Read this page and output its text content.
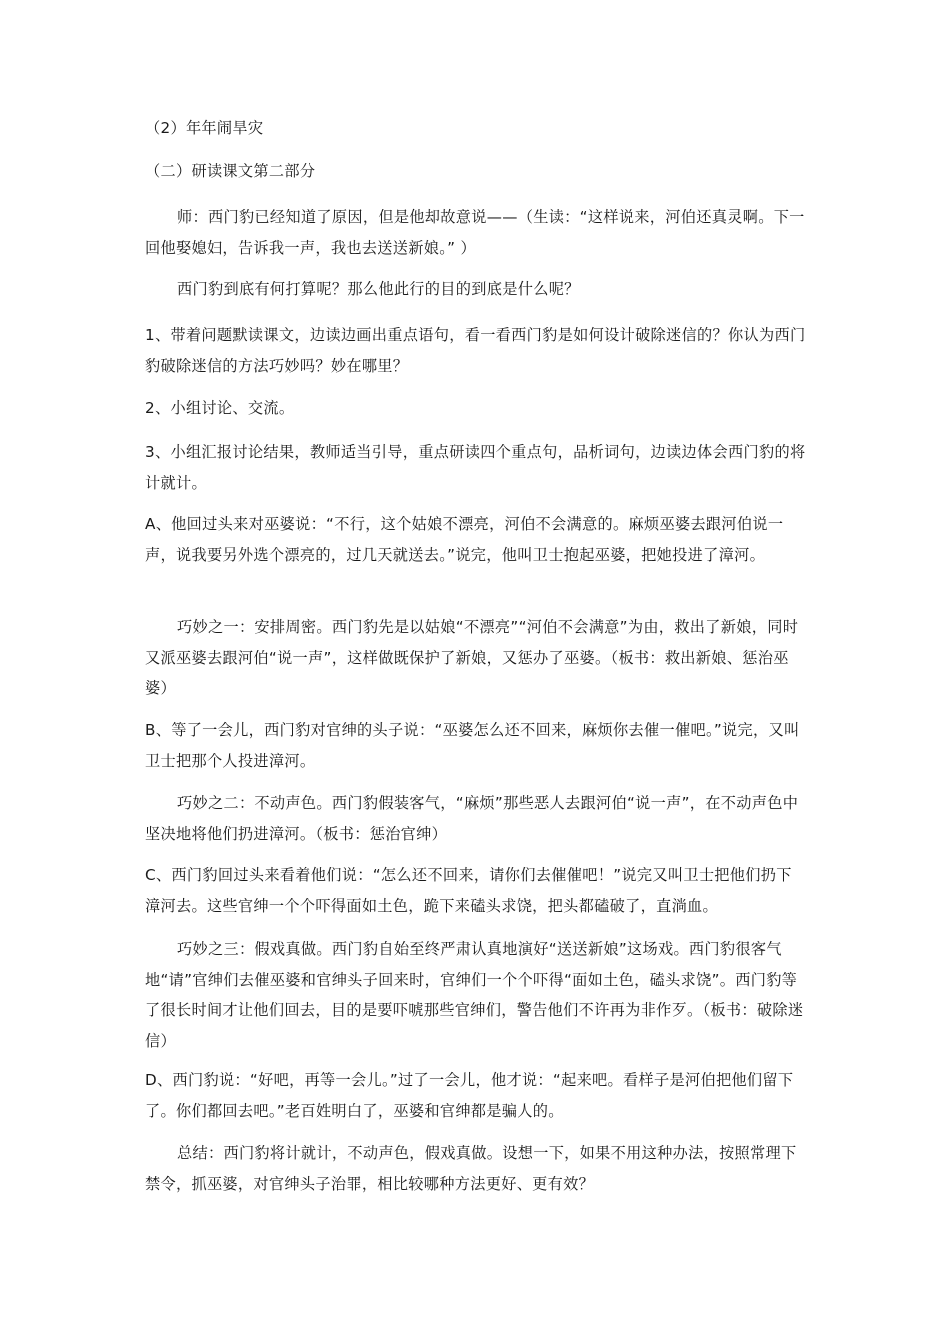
（2）年年闹旱灾

（二）研读课文第二部分

师：西门豹已经知道了原因，但是他却故意说——（生读：“这样说来，河伯还真灵啊。下一回他娶媳妇，告诉我一声，我也去送送新娘。” ）

西门豹到底有何打算呢？那么他此行的目的到底是什么呢？

1、带着问题默读课文，边读边画出重点语句，看一看西门豹是如何设计破除迷信的？你认为西门豹破除迷信的方法巧妙吗？妙在哪里？

2、小组讨论、交流。

3、小组汇报讨论结果，教师适当引导，重点研读四个重点句，品析词句，边读边体会西门豹的将计就计。

A、他回过头来对巫婆说：“不行，这个姑娘不漂亮，河伯不会满意的。麻烦巫婆去跟河伯说一声，说我要另外选个漂亮的，过几天就送去。”说完，他叫卫士抱起巫婆，把她投进了漳河。

巧妙之一：安排周密。西门豹先是以姑娘“不漂亮”“河伯不会满意”为由，救出了新娘，同时又派巫婆去跟河伯“说一声”，这样做既保护了新娘，又惩办了巫婆。（板书：救出新娘、惩治巫婆）

B、等了一会儿，西门豹对官绅的头子说：“巫婆怎么还不回来，麻烦你去催一催吧。”说完，又叫卫士把那个人投进漳河。

巧妙之二：不动声色。西门豹假装客气，“麻烦”那些恶人去跟河伯“说一声”，在不动声色中坚决地将他们扔进漳河。（板书：惩治官绅）

C、西门豹回过头来看着他们说：“怎么还不回来，请你们去催催吧！”说完又叫卫士把他们扔下漳河去。这些官绅一个个吓得面如土色，跪下来磕头求饶，把头都磕破了，直淌血。

巧妙之三：假戏真做。西门豹自始至终严肃认真地演好“送送新娘”这场戏。西门豹很客气地“请”官绅们去催巫婆和官绅头子回来时，官绅们一个个吓得“面如土色，磕头求饶”。西门豹等了很长时间才让他们回去，目的是要吓唬那些官绅们，警告他们不许再为非作歹。（板书：破除迷信）

D、西门豹说：“好吧，再等一会儿。”过了一会儿，他才说：“起来吧。看样子是河伯把他们留下了。你们都回去吧。”老百姓明白了，巫婆和官绅都是骗人的。

总结：西门豹将计就计，不动声色，假戏真做。设想一下，如果不用这种办法，按照常理下禁令，抓巫婆，对官绅头子治罪，相比较哪种方法更好、更有效？
